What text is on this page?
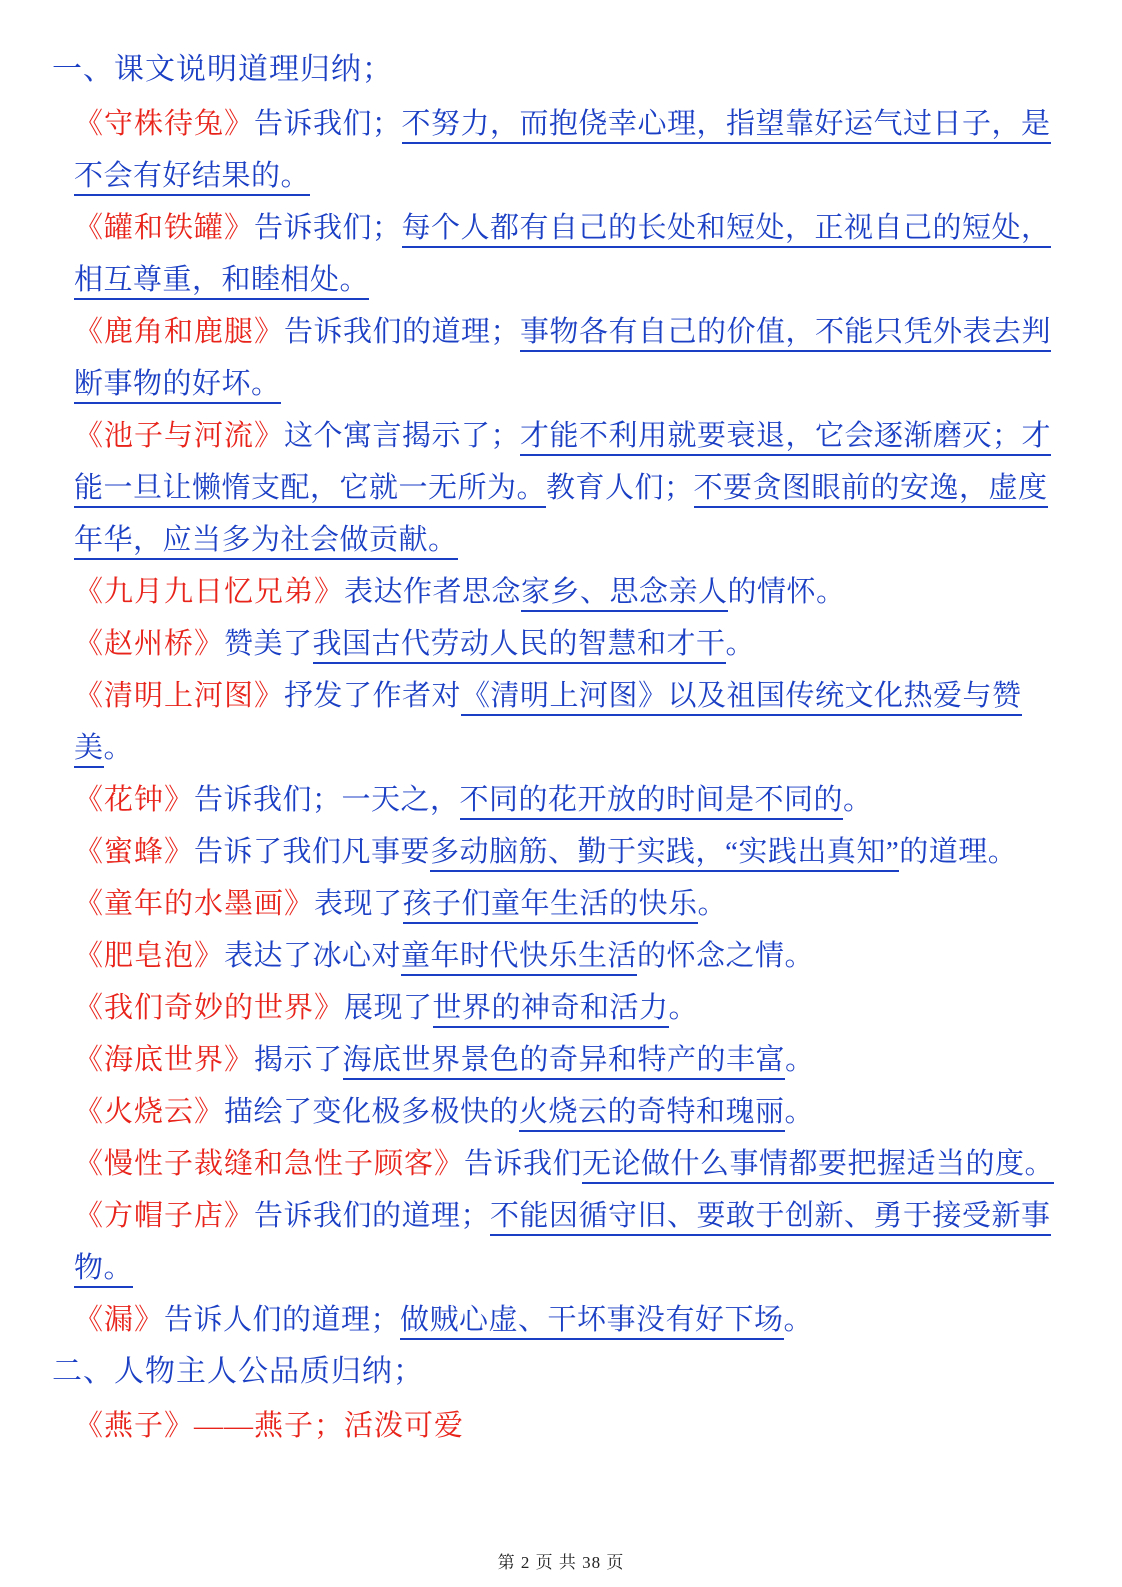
一、课文说明道理归纳；
《守株待兔》告诉我们；不努力，而抱侥幸心理，指望靠好运气过日子，是不会有好结果的。
《罐和铁罐》告诉我们；每个人都有自己的长处和短处，正视自己的短处，相互尊重，和睦相处。
《鹿角和鹿腿》告诉我们的道理；事物各有自己的价值，不能只凭外表去判断事物的好坏。
《池子与河流》这个寓言揭示了；才能不利用就要衰退，它会逐渐磨灭；才能一旦让懒惰支配，它就一无所为。教育人们；不要贪图眼前的安逸，虚度年华，应当多为社会做贡献。
《九月九日忆兄弟》表达作者思念家乡、思念亲人的情怀。
《赵州桥》赞美了我国古代劳动人民的智慧和才干。
《清明上河图》抒发了作者对《清明上河图》以及祖国传统文化热爱与赞美。
《花钟》告诉我们；一天之，不同的花开放的时间是不同的。
《蜜蜂》告诉了我们凡事要多动脑筋、勤于实践，“实践出真知”的道理。
《童年的水墨画》表现了孩子们童年生活的快乐。
《肥皂泡》表达了冰心对童年时代快乐生活的怀念之情。
《我们奇妙的世界》展现了世界的神奇和活力。
《海底世界》揭示了海底世界景色的奇异和特产的丰富。
《火烧云》描绘了变化极多极快的火烧云的奇特和瑰丽。
《慢性子裁缝和急性子顾客》告诉我们无论做什么事情都要把握适当的度。
《方帽子店》告诉我们的道理；不能因循守旧、要敢于创新、勇于接受新事物。
《漏》告诉人们的道理；做贼心虚、干坏事没有好下场。
二、人物主人公品质归纳；
《燕子》——燕子；活泼可爱
第 2 页 共 38 页
